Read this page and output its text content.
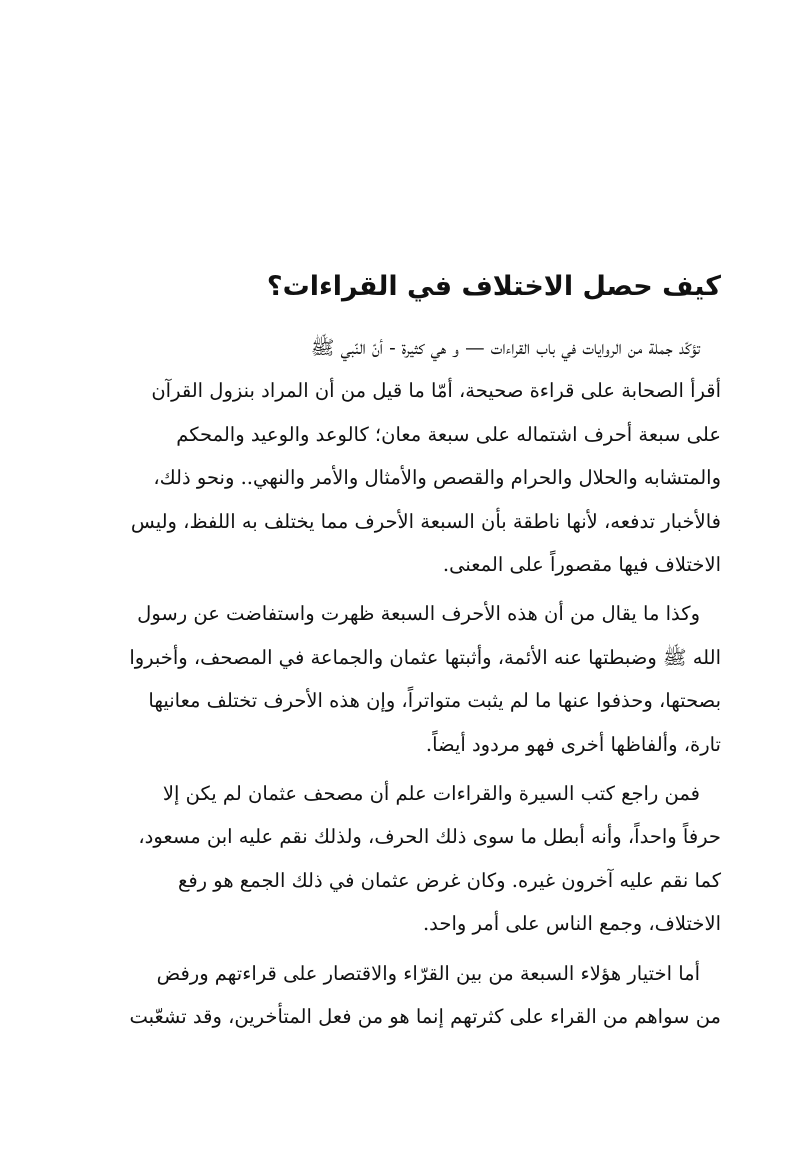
كيف حصل الاختلاف في القراءات؟

تؤكّد جملة من الروايات في باب القراءات — و هي كثيرة - أنّ النّبي ﷺ
أقرأ الصحابة على قراءة صحيحة، أمّا ما قيل من أن المراد بنزول القرآن
على سبعة أحرف اشتماله على سبعة معان؛ كالوعد والوعيد والمحكم
والمتشابه والحلال والحرام والقصص والأمثال والأمر والنهي.. ونحو ذلك،
فالأخبار تدفعه، لأنها ناطقة بأن السبعة الأحرف مما يختلف به اللفظ، وليس
الاختلاف فيها مقصوراً على المعنى.

وكذا ما يقال من أن هذه الأحرف السبعة ظهرت واستفاضت عن رسول
الله ﷺ وضبطتها عنه الأئمة، وأثبتها عثمان والجماعة في المصحف، وأخبروا
بصحتها، وحذفوا عنها ما لم يثبت متواتراً، وإن هذه الأحرف تختلف معانيها
تارة، وألفاظها أخرى فهو مردود أيضاً.

فمن راجع كتب السيرة والقراءات علم أن مصحف عثمان لم يكن إلا
حرفاً واحداً، وأنه أبطل ما سوى ذلك الحرف، ولذلك نقم عليه ابن مسعود،
كما نقم عليه آخرون غيره. وكان غرض عثمان في ذلك الجمع هو رفع
الاختلاف، وجمع الناس على أمر واحد.

أما اختيار هؤلاء السبعة من بين القرّاء والاقتصار على قراءتهم ورفض
من سواهم من القراء على كثرتهم إنما هو من فعل المتأخرين، وقد تشعّبت
